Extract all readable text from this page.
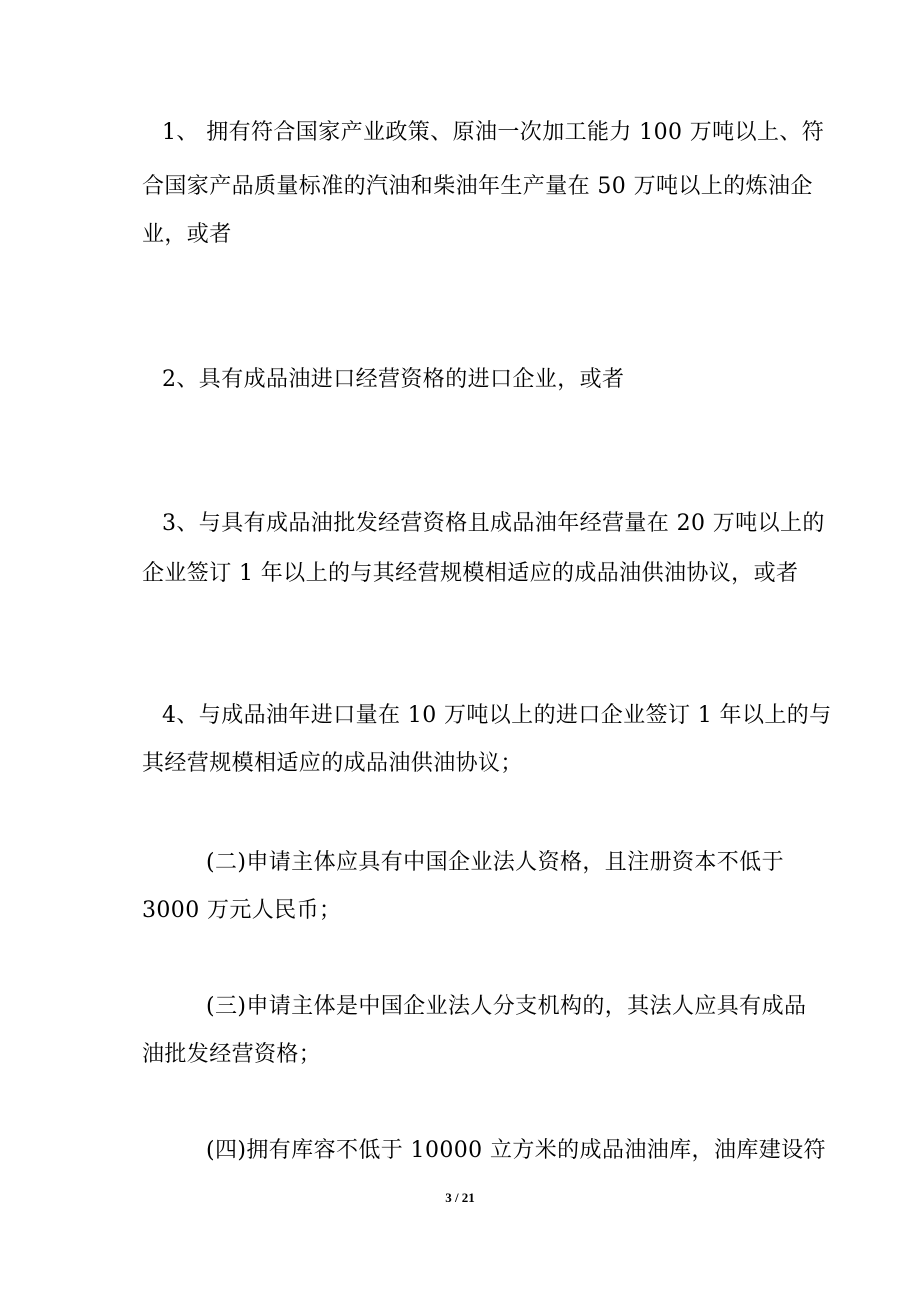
1、 拥有符合国家产业政策、原油一次加工能力 100 万吨以上、符
合国家产品质量标准的汽油和柴油年生产量在 50 万吨以上的炼油企
业，或者
2、具有成品油进口经营资格的进口企业，或者
3、与具有成品油批发经营资格且成品油年经营量在 20 万吨以上的
企业签订 1 年以上的与其经营规模相适应的成品油供油协议，或者
4、与成品油年进口量在 10 万吨以上的进口企业签订 1 年以上的与
其经营规模相适应的成品油供油协议；
(二)申请主体应具有中国企业法人资格，且注册资本不低于
3000 万元人民币；
(三)申请主体是中国企业法人分支机构的，其法人应具有成品
油批发经营资格；
(四)拥有库容不低于 10000 立方米的成品油油库，油库建设符
3 / 21
